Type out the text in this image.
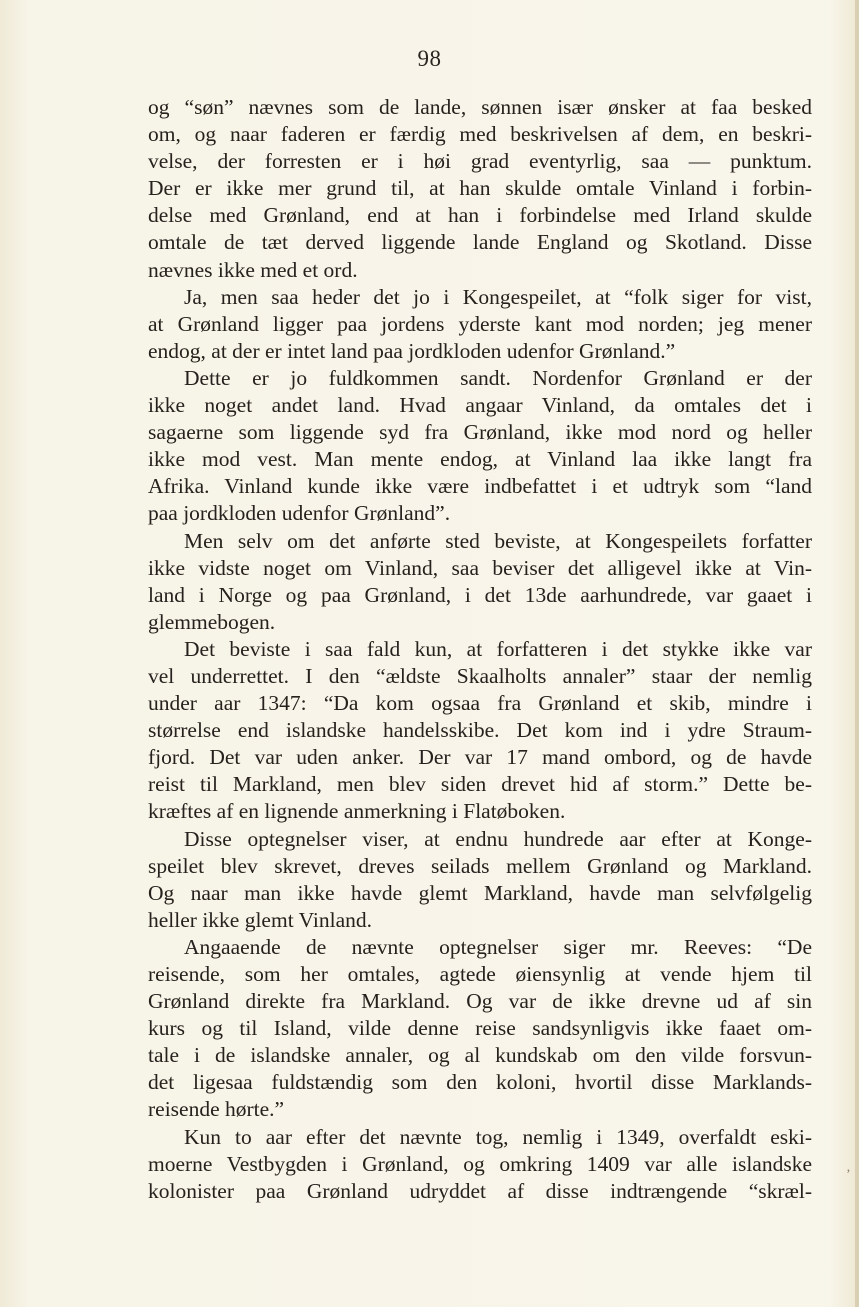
98
og “søn” nævnes som de lande, sønnen især ønsker at faa besked
om, og naar faderen er færdig med beskrivelsen af dem, en beskri-
velse, der forresten er i høi grad eventyrlig, saa — punktum.
Der er ikke mer grund til, at han skulde omtale Vinland i forbin-
delse med Grønland, end at han i forbindelse med Irland skulde
omtale de tæt derved liggende lande England og Skotland. Disse
nævnes ikke med et ord.
Ja, men saa heder det jo i Kongespeilet, at “folk siger for vist,
at Grønland ligger paa jordens yderste kant mod norden; jeg mener
endog, at der er intet land paa jordkloden udenfor Grønland.”
Dette er jo fuldkommen sandt. Nordenfor Grønland er der
ikke noget andet land. Hvad angaar Vinland, da omtales det i
sagaerne som liggende syd fra Grønland, ikke mod nord og heller
ikke mod vest. Man mente endog, at Vinland laa ikke langt fra
Afrika. Vinland kunde ikke være indbefattet i et udtryk som “land
paa jordkloden udenfor Grønland”.
Men selv om det anførte sted beviste, at Kongespeilets forfatter
ikke vidste noget om Vinland, saa beviser det alligevel ikke at Vin-
land i Norge og paa Grønland, i det 13de aarhundrede, var gaaet i
glemmebogen.
Det beviste i saa fald kun, at forfatteren i det stykke ikke var
vel underrettet. I den “ældste Skaalholts annaler” staar der nemlig
under aar 1347: “Da kom ogsaa fra Grønland et skib, mindre i
størrelse end islandske handelsskibe. Det kom ind i ydre Straum-
fjord. Det var uden anker. Der var 17 mand ombord, og de havde
reist til Markland, men blev siden drevet hid af storm.” Dette be-
kræftes af en lignende anmerkning i Flatøboken.
Disse optegnelser viser, at endnu hundrede aar efter at Konge-
speilet blev skrevet, dreves seilads mellem Grønland og Markland.
Og naar man ikke havde glemt Markland, havde man selvfølgelig
heller ikke glemt Vinland.
Angaaende de nævnte optegnelser siger mr. Reeves: “De
reisende, som her omtales, agtede øiensynlig at vende hjem til
Grønland direkte fra Markland. Og var de ikke drevne ud af sin
kurs og til Island, vilde denne reise sandsynligvis ikke faaet om-
tale i de islandske annaler, og al kundskab om den vilde forsvun-
det ligesaa fuldstændig som den koloni, hvortil disse Marklands-
reisende hørte.”
Kun to aar efter det nævnte tog, nemlig i 1349, overfaldt eski-
moerne Vestbygden i Grønland, og omkring 1409 var alle islandske
kolonister paa Grønland udryddet af disse indtrængende “skræl-
‚
